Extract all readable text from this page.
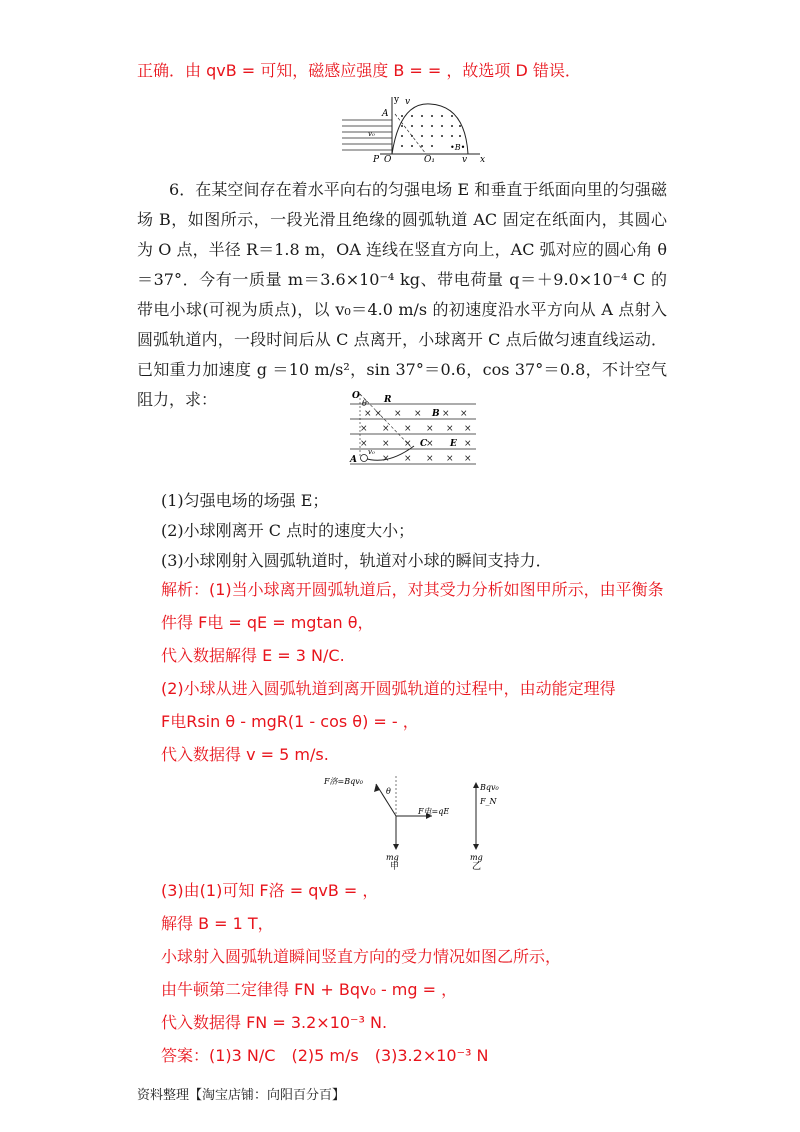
正确．由 qvB = 可知，磁感应强度 B = = ，故选项 D 错误．
y v
A
v₀
P O	O₁
•B•
v x
6．在某空间存在着水平向右的匀强电场 E 和垂直于纸面向里的匀强磁场 B，如图所示，一段光滑且绝缘的圆弧轨道 AC 固定在纸面内，其圆心为 O 点，半径 R＝1.8 m，OA 连线在竖直方向上，AC 弧对应的圆心角 θ＝37°．今有一质量 m＝3.6×10⁻⁴ kg、带电荷量 q＝＋9.0×10⁻⁴ C 的带电小球(可视为质点)，以 v₀＝4.0 m/s 的初速度沿水平方向从 A 点射入圆弧轨道内，一段时间后从 C 点离开，小球离开 C 点后做匀速直线运动．已知重力加速度 g ＝10 m/s²，sin 37°＝0.6，cos 37°＝0.8，不计空气阻力，求：
× × × × × ×
× × × × × ×
× × × ×	×
× × × × ×
O
θ R
B
C	E
A
v₀
(1)匀强电场的场强 E；
(2)小球刚离开 C 点时的速度大小；
(3)小球刚射入圆弧轨道时，轨道对小球的瞬间支持力．
解析：(1)当小球离开圆弧轨道后，对其受力分析如图甲所示，由平衡条
件得 F电 = qE = mgtan θ，
代入数据解得 E = 3 N/C.
(2)小球从进入圆弧轨道到离开圆弧轨道的过程中，由动能定理得
F电Rsin θ - mgR(1 - cos θ) = - ，
代入数据得 v = 5 m/s.
F洛=Bqv₀
θ
F电=qE
mg
甲
Bqv₀
F_N
mg
乙
(3)由(1)可知 F洛 = qvB = ，
解得 B = 1 T，
小球射入圆弧轨道瞬间竖直方向的受力情况如图乙所示，
由牛顿第二定律得 FN + Bqv₀ - mg = ，
代入数据得 FN = 3.2×10⁻³ N.
答案：(1)3 N/C　(2)5 m/s　(3)3.2×10⁻³ N
资料整理【淘宝店铺：向阳百分百】
